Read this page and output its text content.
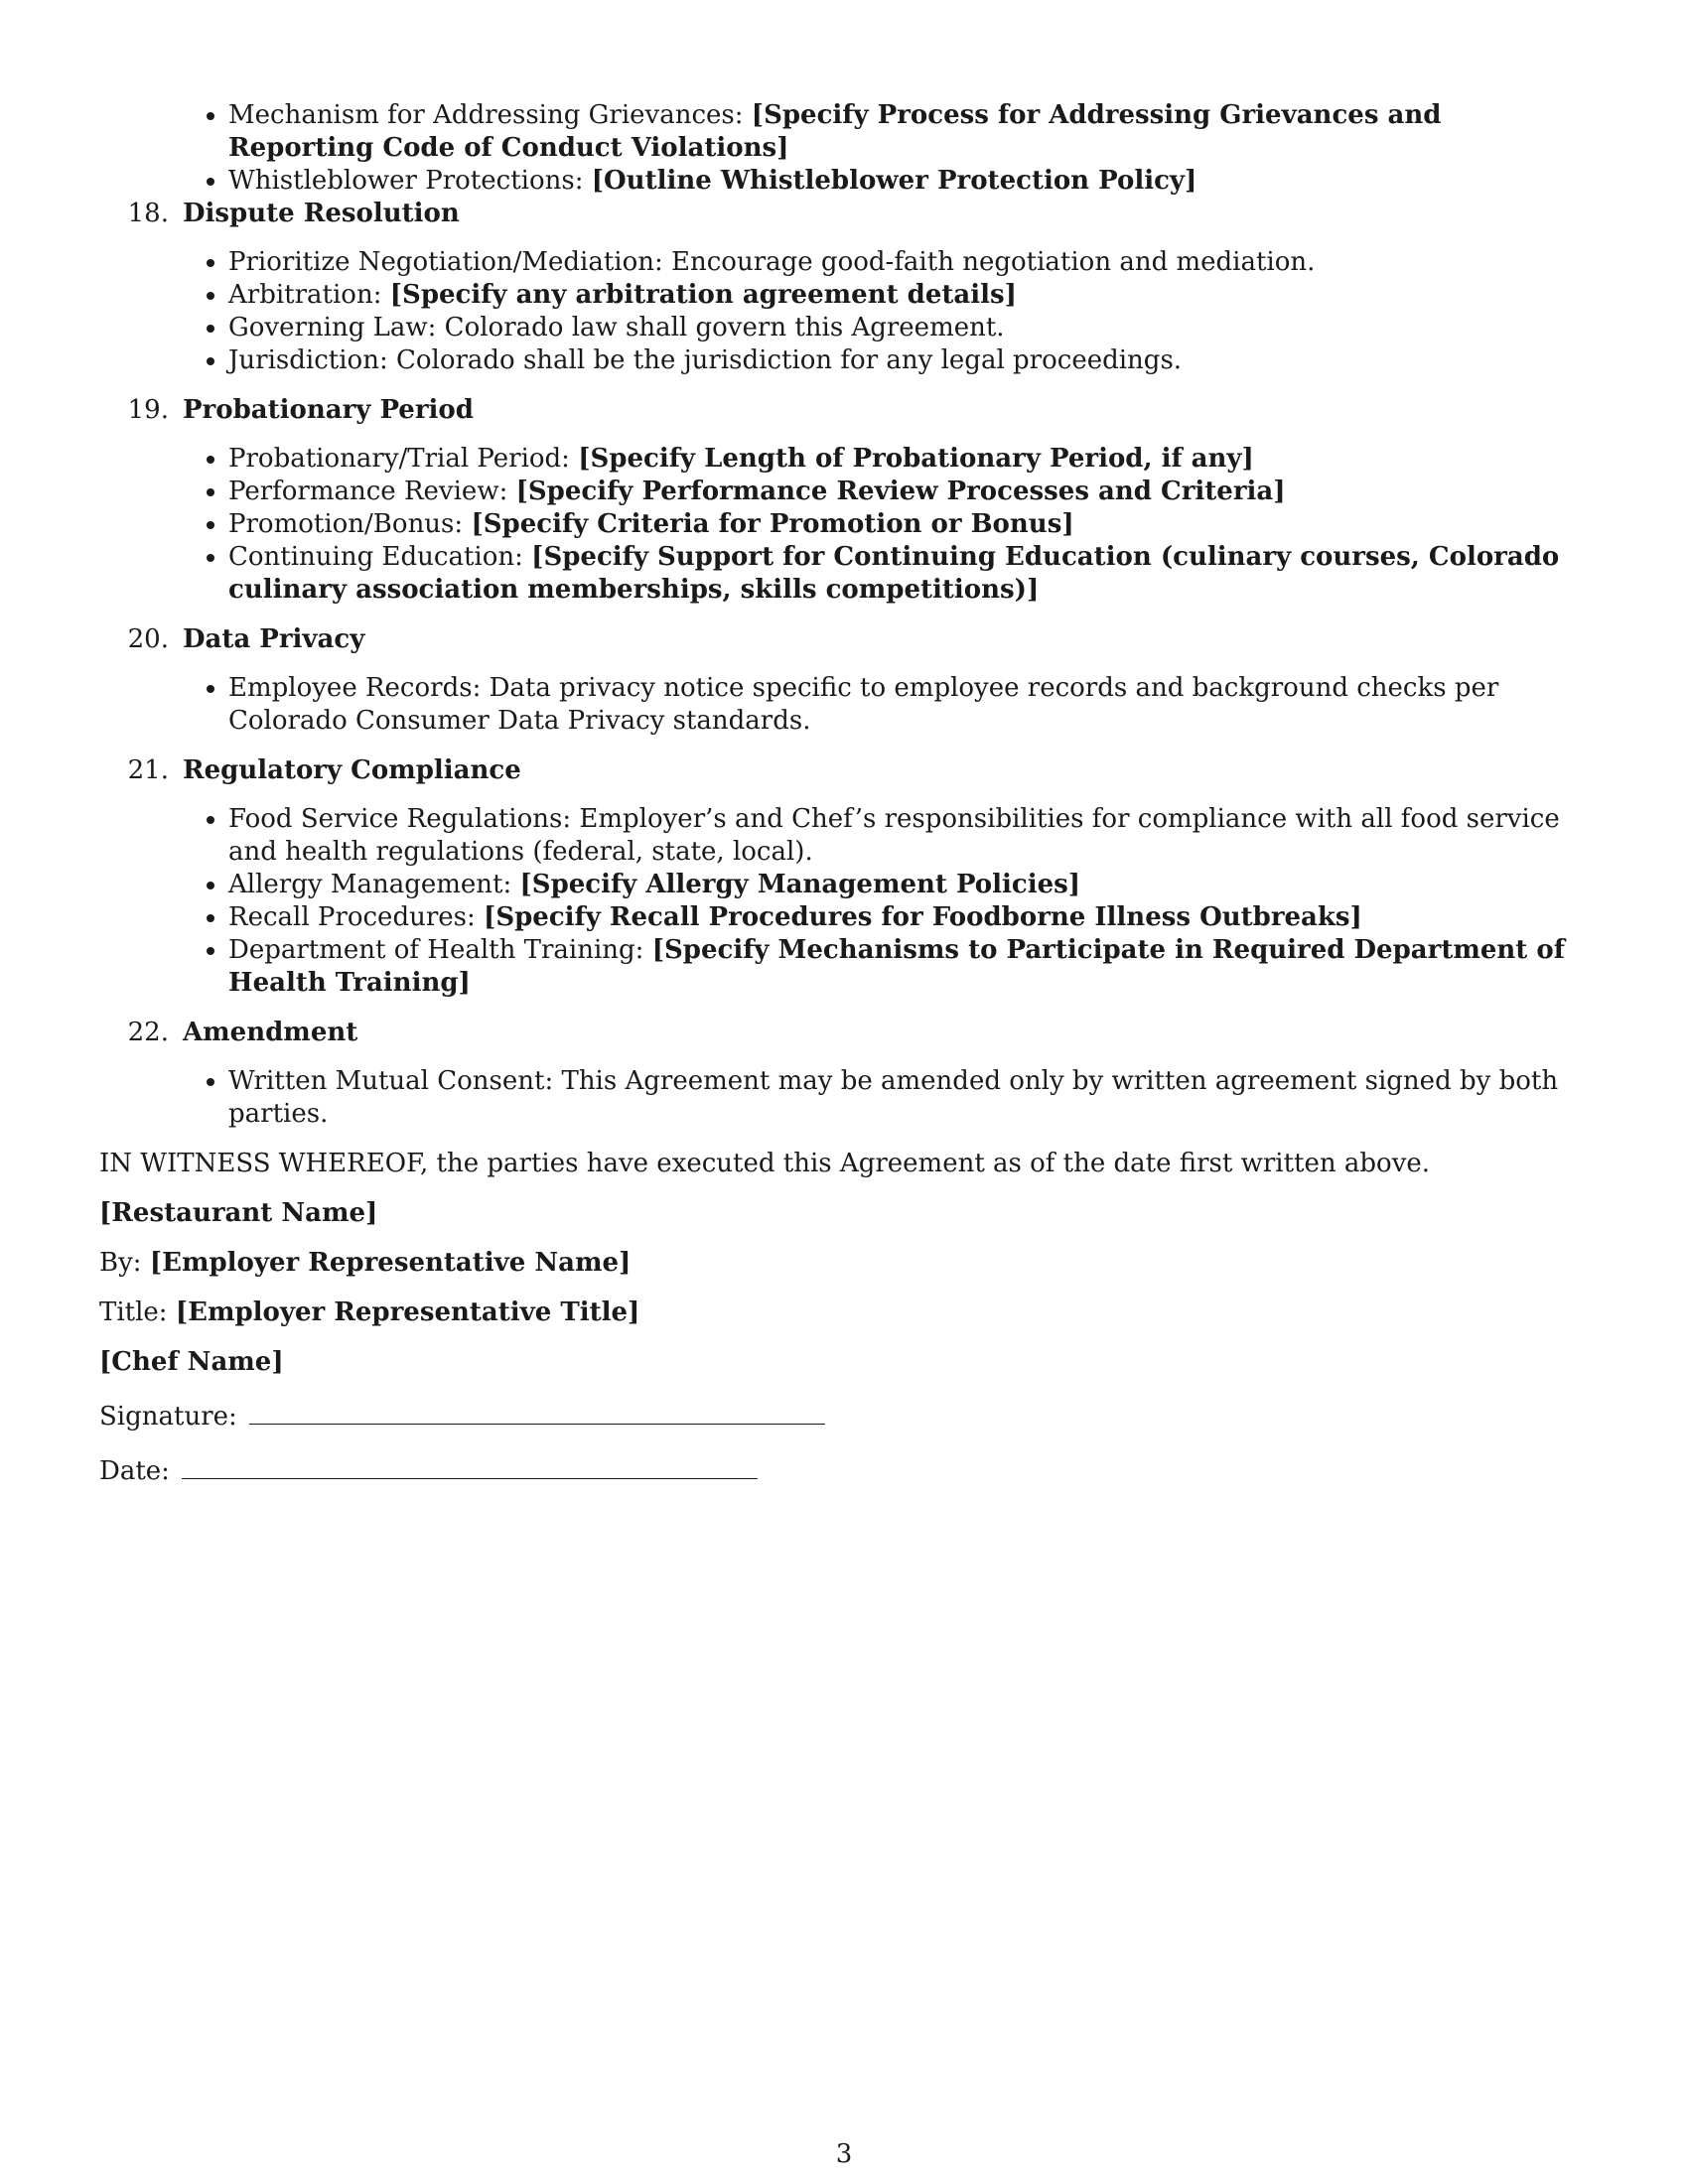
• Mechanism for Addressing Grievances: [Specify Process for Addressing Grievances and Reporting Code of Conduct Violations]
• Whistleblower Protections: [Outline Whistleblower Protection Policy]
18. Dispute Resolution
• Prioritize Negotiation/Mediation: Encourage good-faith negotiation and mediation.
• Arbitration: [Specify any arbitration agreement details]
• Governing Law: Colorado law shall govern this Agreement.
• Jurisdiction: Colorado shall be the jurisdiction for any legal proceedings.
19. Probationary Period
• Probationary/Trial Period: [Specify Length of Probationary Period, if any]
• Performance Review: [Specify Performance Review Processes and Criteria]
• Promotion/Bonus: [Specify Criteria for Promotion or Bonus]
• Continuing Education: [Specify Support for Continuing Education (culinary courses, Colorado culinary association memberships, skills competitions)]
20. Data Privacy
• Employee Records: Data privacy notice specific to employee records and background checks per Colorado Consumer Data Privacy standards.
21. Regulatory Compliance
• Food Service Regulations: Employer’s and Chef’s responsibilities for compliance with all food service and health regulations (federal, state, local).
• Allergy Management: [Specify Allergy Management Policies]
• Recall Procedures: [Specify Recall Procedures for Foodborne Illness Outbreaks]
• Department of Health Training: [Specify Mechanisms to Participate in Required Department of Health Training]
22. Amendment
• Written Mutual Consent: This Agreement may be amended only by written agreement signed by both parties.

IN WITNESS WHEREOF, the parties have executed this Agreement as of the date first written above.

[Restaurant Name]

By: [Employer Representative Name]

Title: [Employer Representative Title]

[Chef Name]

Signature:

Date:

3
